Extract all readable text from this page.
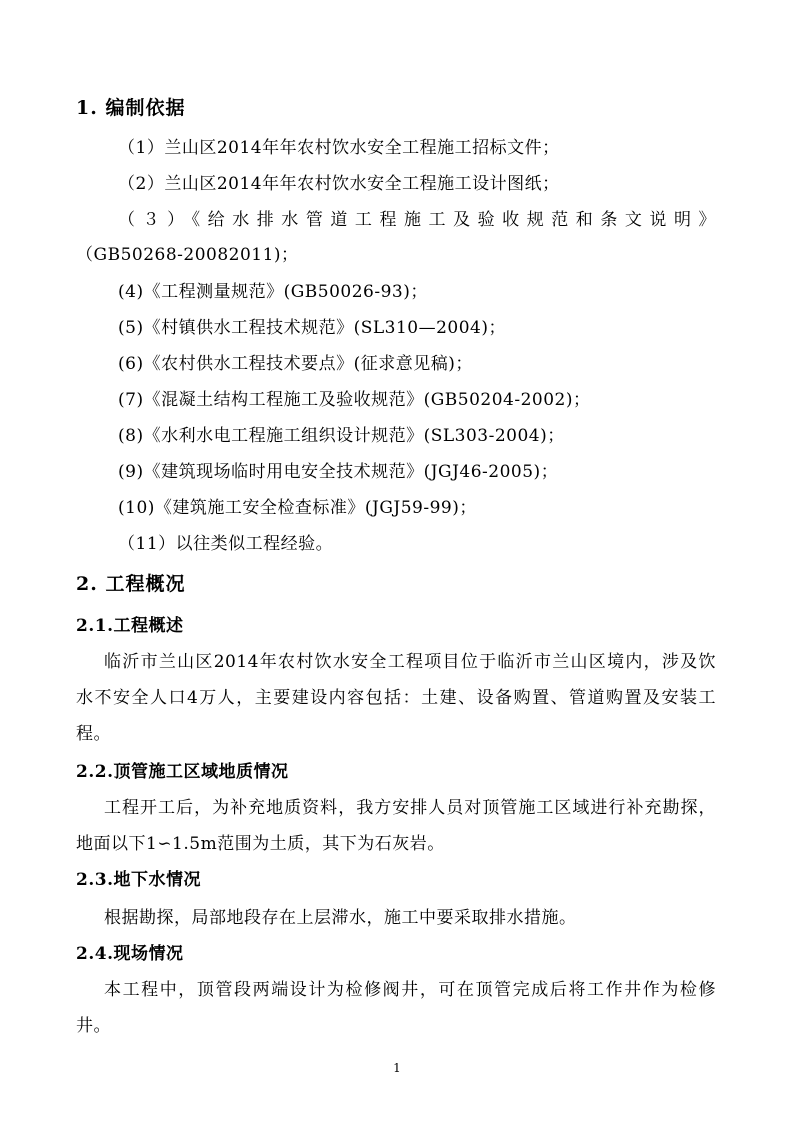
1. 编制依据
（1）兰山区2014年年农村饮水安全工程施工招标文件；
（2）兰山区2014年年农村饮水安全工程施工设计图纸；
（３）《给水排水管道工程施工及验收规范和条文说明》
（GB50268-20082011)；
(4)《工程测量规范》(GB50026-93)；
(5)《村镇供水工程技术规范》(SL310—2004)；
(6)《农村供水工程技术要点》(征求意见稿)；
(7)《混凝土结构工程施工及验收规范》(GB50204-2002)；
(8)《水利水电工程施工组织设计规范》(SL303-2004)；
(9)《建筑现场临时用电安全技术规范》(JGJ46-2005)；
(10)《建筑施工安全检查标准》(JGJ59-99)；
（11）以往类似工程经验。
2. 工程概况
2.1.工程概述
临沂市兰山区2014年农村饮水安全工程项目位于临沂市兰山区境内，涉及饮
水不安全人口4万人，主要建设内容包括：土建、设备购置、管道购置及安装工
程。
2.2.顶管施工区域地质情况
工程开工后，为补充地质资料，我方安排人员对顶管施工区域进行补充勘探，
地面以下1∽1.5m范围为土质，其下为石灰岩。
2.3.地下水情况
根据勘探，局部地段存在上层滞水，施工中要采取排水措施。
2.4.现场情况
本工程中，顶管段两端设计为检修阀井，可在顶管完成后将工作井作为检修
井。
1
